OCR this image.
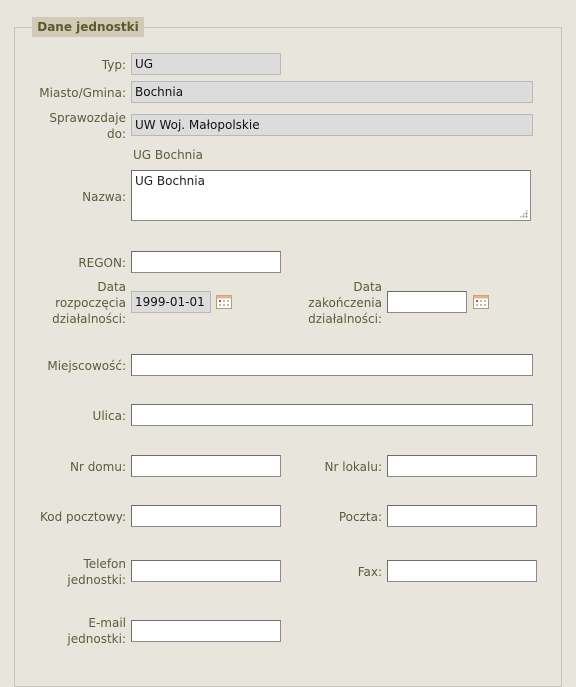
Dane jednostki
Typ: UG
Miasto/Gmina: Bochnia
Sprawozdaje do:
UW Woj. Małopolskie
UG Bochnia
Nazwa:
UG Bochnia
REGON:
Data rozpoczęcia działalności:
1999-01-01
Data zakończenia działalności:
Miejscowość:
Ulica:
Nr domu:	Nr lokalu:
Kod pocztowy:	Poczta:
Telefon jednostki:
Fax:
E-mail jednostki:
